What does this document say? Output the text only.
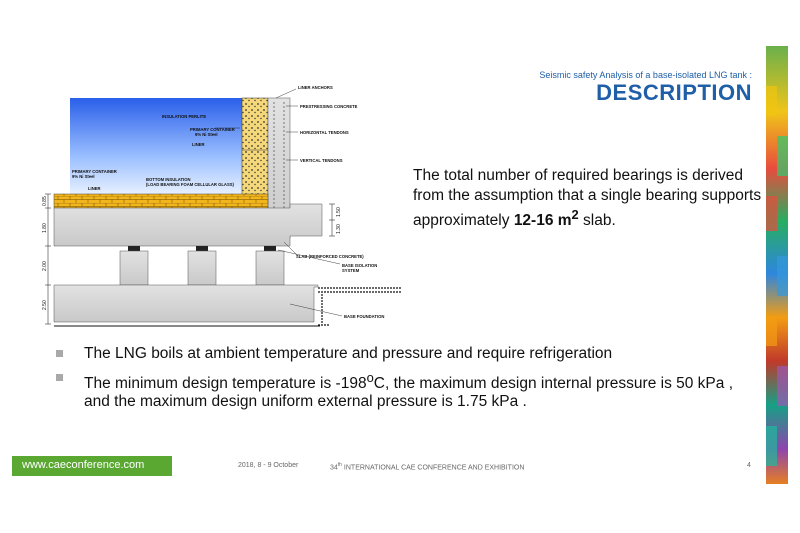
Seismic safety Analysis of a base-isolated LNG tank :
DESCRIPTION
0.85
1.80
2.00
2.50
1.50
1.30
LINER ANCHORS
PRESTRESSING CONCRETE
INSULATION PERLITE
PRIMARY CONTAINER
9% Ni Steel
LINER
HORIZONTAL TENDONS
VERTICAL TENDONS
PRIMARY CONTAINER
9% Ni Steel
BOTTOM INSULATION
(LOAD BEARING FOAM CELLULAR GLASS)
LINER
SLAB (REINFORCED CONCRETE)
BASE ISOLATION
SYSTEM
BASE FOUNDATION
The total number of required bearings is derived from the assumption that a single bearing supports approximately 12-16 $m^2$ slab.
The LNG boils at ambient temperature and pressure and require refrigeration
The minimum design temperature is -198$^o$C, the maximum design internal pressure is 50 kPa , and the maximum design uniform external pressure is 1.75 kPa .
www.caeconference.com	2018, 8 - 9 October	34th INTERNATIONAL CAE CONFERENCE AND EXHIBITION	4
